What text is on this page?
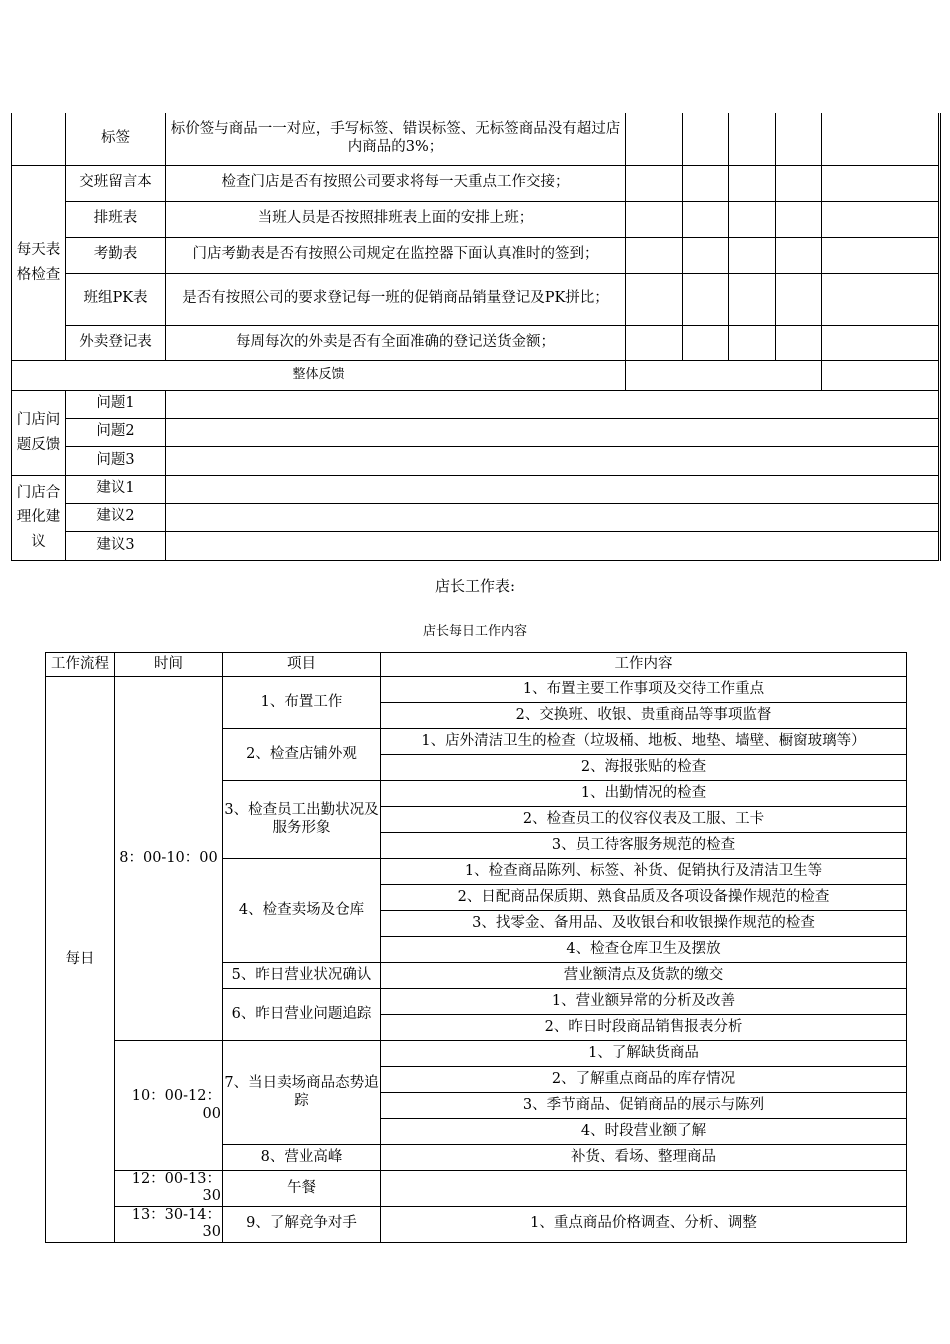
	标签	标价签与商品一一对应，手写标签、错误标签、无标签商品没有超过店内商品的3%；					
每天表格检查	交班留言本	检查门店是否有按照公司要求将每一天重点工作交接；					
	排班表	当班人员是否按照排班表上面的安排上班；					
	考勤表	门店考勤表是否有按照公司规定在监控器下面认真准时的签到；					
	班组PK表	是否有按照公司的要求登记每一班的促销商品销量登记及PK拼比；					
	外卖登记表	每周每次的外卖是否有全面准确的登记送货金额；					
整体反馈							
门店问题反馈	问题1						
	问题2						
	问题3						
门店合理化建议	建议1						
	建议2						
	建议3						
店长工作表:
店长每日工作内容
工作流程	时间	项目	工作内容
每日	8：00-10：00	1、布置工作	1、布置主要工作事项及交待工作重点
			2、交换班、收银、贵重商品等事项监督
		2、检查店铺外观	1、店外清洁卫生的检查（垃圾桶、地板、地垫、墙壁、橱窗玻璃等）
			2、海报张贴的检查
		3、检查员工出勤状况及服务形象	1、出勤情况的检查
			2、检查员工的仪容仪表及工服、工卡
			3、员工待客服务规范的检查
		4、检查卖场及仓库	1、检查商品陈列、标签、补货、促销执行及清洁卫生等
			2、日配商品保质期、熟食品质及各项设备操作规范的检查
			3、找零金、备用品、及收银台和收银操作规范的检查
			4、检查仓库卫生及摆放
		5、昨日营业状况确认	营业额清点及货款的缴交
		6、昨日营业问题追踪	1、营业额异常的分析及改善
			2、昨日时段商品销售报表分析
	10：00-12：00	7、当日卖场商品态势追踪	1、了解缺货商品
			2、了解重点商品的库存情况
			3、季节商品、促销商品的展示与陈列
			4、时段营业额了解
		8、营业高峰	补货、看场、整理商品
	12：00-13：30	午餐	
	13：30-14：30	9、了解竞争对手	1、重点商品价格调查、分析、调整
